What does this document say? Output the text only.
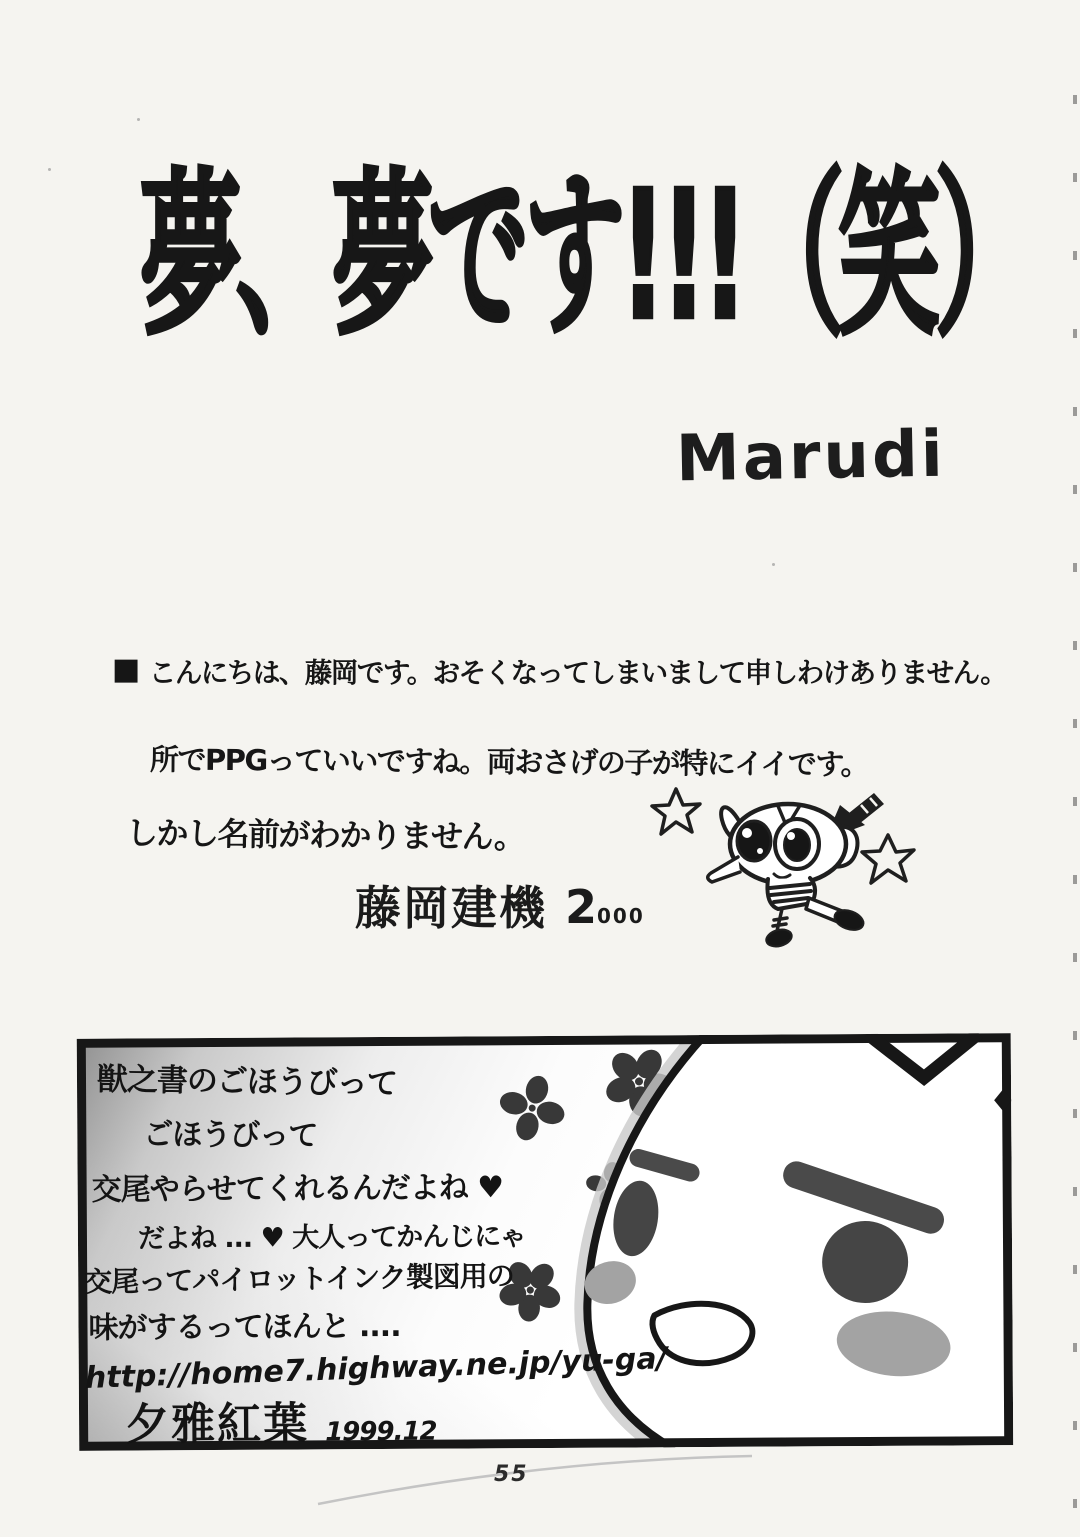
夢、夢です!!!（笑）
Marudi
■ こんにちは、藤岡です。おそくなってしまいまして申しわけありません。
所でPPGっていいですね。両おさげの子が特にイイです。
しかし名前がわかりません。
藤岡建機 2000
獣之書のごほうびって
ごほうびって
交尾やらせてくれるんだよね ♥
だよね ... ♥ 大人ってかんじにゃ
交尾ってパイロットインク製図用の
味がするってほんと ....
http://home7.highway.ne.jp/yu-ga/
夕雅紅葉 1999.12
55
